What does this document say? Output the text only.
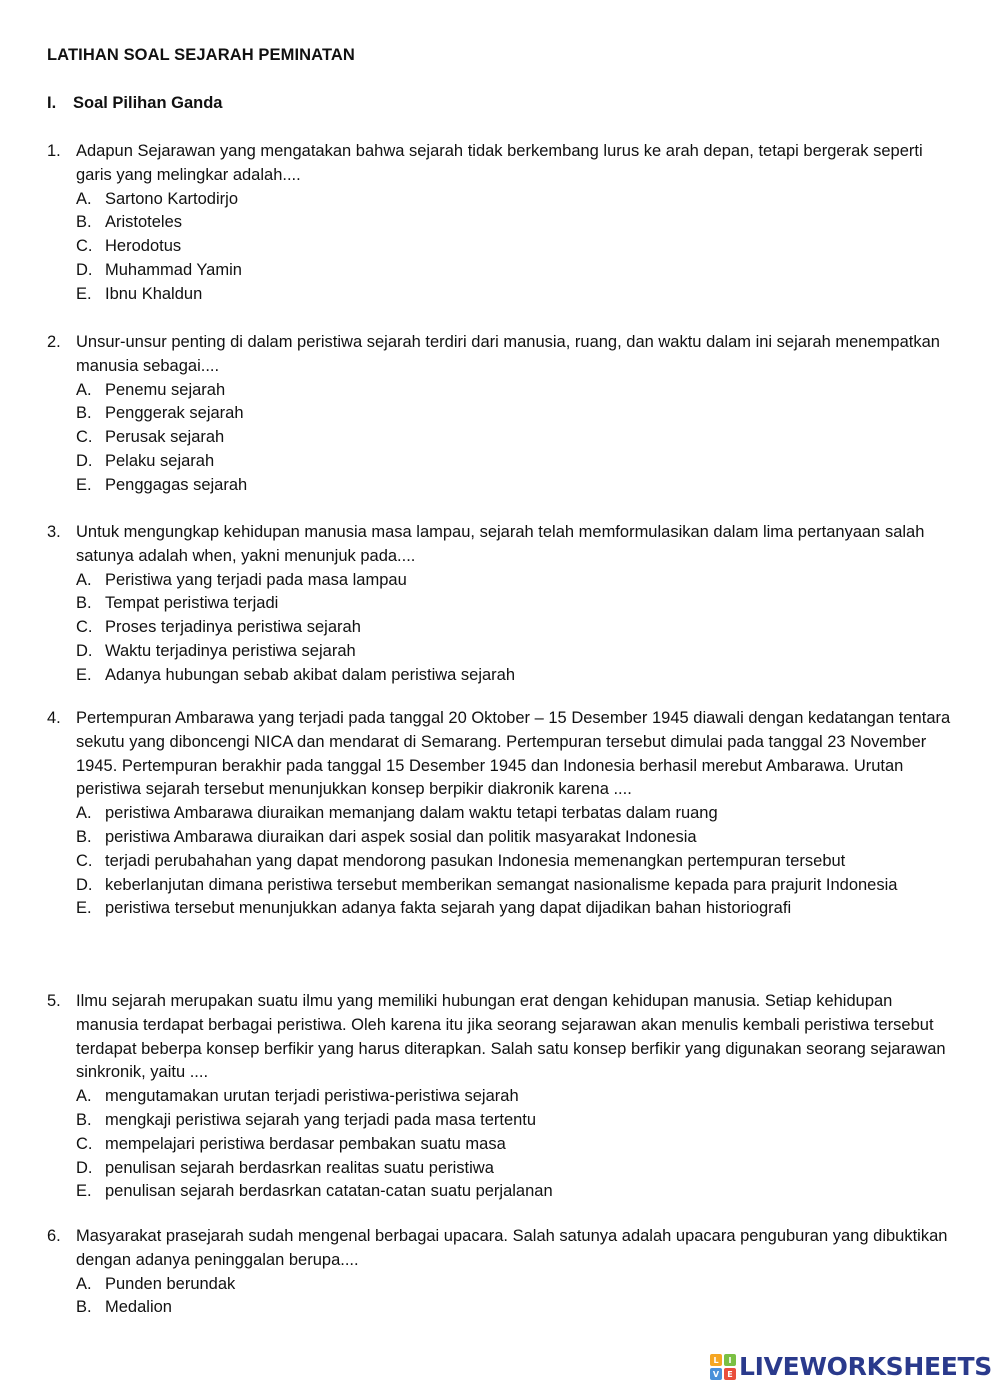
LATIHAN SOAL SEJARAH PEMINATAN
I. Soal Pilihan Ganda
1. Adapun Sejarawan yang mengatakan bahwa sejarah tidak berkembang lurus ke arah depan, tetapi bergerak seperti garis yang melingkar adalah....
A. Sartono Kartodirjo
B. Aristoteles
C. Herodotus
D. Muhammad Yamin
E. Ibnu Khaldun
2. Unsur-unsur penting di dalam peristiwa sejarah terdiri dari manusia, ruang, dan waktu dalam ini sejarah menempatkan manusia sebagai....
A. Penemu sejarah
B. Penggerak sejarah
C. Perusak sejarah
D. Pelaku sejarah
E. Penggagas sejarah
3. Untuk mengungkap kehidupan manusia masa lampau, sejarah telah memformulasikan dalam lima pertanyaan salah satunya adalah when, yakni menunjuk pada....
A. Peristiwa yang terjadi pada masa lampau
B. Tempat peristiwa terjadi
C. Proses terjadinya peristiwa sejarah
D. Waktu terjadinya peristiwa sejarah
E. Adanya hubungan sebab akibat dalam peristiwa sejarah
4. Pertempuran Ambarawa yang terjadi pada tanggal 20 Oktober – 15 Desember 1945 diawali dengan kedatangan tentara sekutu yang diboncengi NICA dan mendarat di Semarang. Pertempuran tersebut dimulai pada tanggal 23 November 1945. Pertempuran berakhir pada tanggal 15 Desember 1945 dan Indonesia berhasil merebut Ambarawa. Urutan peristiwa sejarah tersebut menunjukkan konsep berpikir diakronik karena ....
A. peristiwa Ambarawa diuraikan memanjang dalam waktu tetapi terbatas dalam ruang
B. peristiwa Ambarawa diuraikan dari aspek sosial dan politik masyarakat Indonesia
C. terjadi perubahahan yang dapat mendorong pasukan Indonesia memenangkan pertempuran tersebut
D. keberlanjutan dimana peristiwa tersebut memberikan semangat nasionalisme kepada para prajurit Indonesia
E. peristiwa tersebut menunjukkan adanya fakta sejarah yang dapat dijadikan bahan historiografi
5. Ilmu sejarah merupakan suatu ilmu yang memiliki hubungan erat dengan kehidupan manusia. Setiap kehidupan manusia terdapat berbagai peristiwa. Oleh karena itu jika seorang sejarawan akan menulis kembali peristiwa tersebut terdapat beberpa konsep berfikir yang harus diterapkan. Salah satu konsep berfikir yang digunakan seorang sejarawan sinkronik, yaitu ....
A. mengutamakan urutan terjadi peristiwa-peristiwa sejarah
B. mengkaji peristiwa sejarah yang terjadi pada masa tertentu
C. mempelajari peristiwa berdasar pembakan suatu masa
D. penulisan sejarah berdasrkan realitas suatu peristiwa
E. penulisan sejarah berdasrkan catatan-catan suatu perjalanan
6. Masyarakat prasejarah sudah mengenal berbagai upacara. Salah satunya adalah upacara penguburan yang dibuktikan dengan adanya peninggalan berupa....
A. Punden berundak
B. Medalion
L I
V E LIVEWORKSHEETS
